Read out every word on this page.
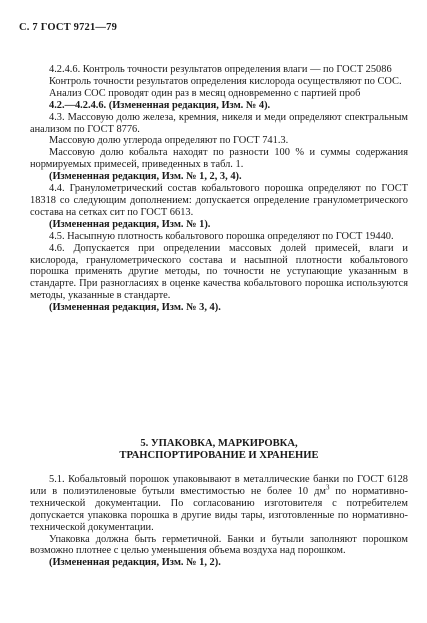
С. 7 ГОСТ 9721—79

4.2.4.6. Контроль точности результатов определения влаги — по ГОСТ 25086

Контроль точности результатов определения кислорода осуществляют по СОС.

Анализ СОС проводят один раз в месяц одновременно с партией проб

4.2.—4.2.4.6. (Измененная редакция, Изм. № 4).

4.3. Массовую долю железа, кремния, никеля и меди определяют спектральным анализом по ГОСТ 8776.

Массовую долю углерода определяют по ГОСТ 741.3.

Массовую долю кобальта находят по разности 100 % и суммы содержания нормируемых примесей, приведенных в табл. 1.

(Измененная редакция, Изм. № 1, 2, 3, 4).

4.4. Гранулометрический состав кобальтового порошка определяют по ГОСТ 18318 со следующим дополнением: допускается определение гранулометрического состава на сетках сит по ГОСТ 6613.

(Измененная редакция, Изм. № 1).

4.5. Насыпную плотность кобальтового порошка определяют по ГОСТ 19440.

4.6. Допускается при определении массовых долей примесей, влаги и кислорода, гранулометрического состава и насыпной плотности кобальтового порошка применять другие методы, по точности не уступающие указанным в стандарте. При разногласиях в оценке качества кобальтового порошка используются методы, указанные в стандарте.

(Измененная редакция, Изм. № 3, 4).

5. УПАКОВКА, МАРКИРОВКА,
ТРАНСПОРТИРОВАНИЕ И ХРАНЕНИЕ

5.1. Кобальтовый порошок упаковывают в металлические банки по ГОСТ 6128 или в полиэтиленовые бутыли вместимостью не более 10 $дм^3$ по нормативно-технической документации. По согласованию изготовителя с потребителем допускается упаковка порошка в другие виды тары, изготовленные по нормативно-технической документации.

Упаковка должна быть герметичной. Банки и бутыли заполняют порошком возможно плотнее с целью уменьшения объема воздуха над порошком.

(Измененная редакция, Изм. № 1, 2).
